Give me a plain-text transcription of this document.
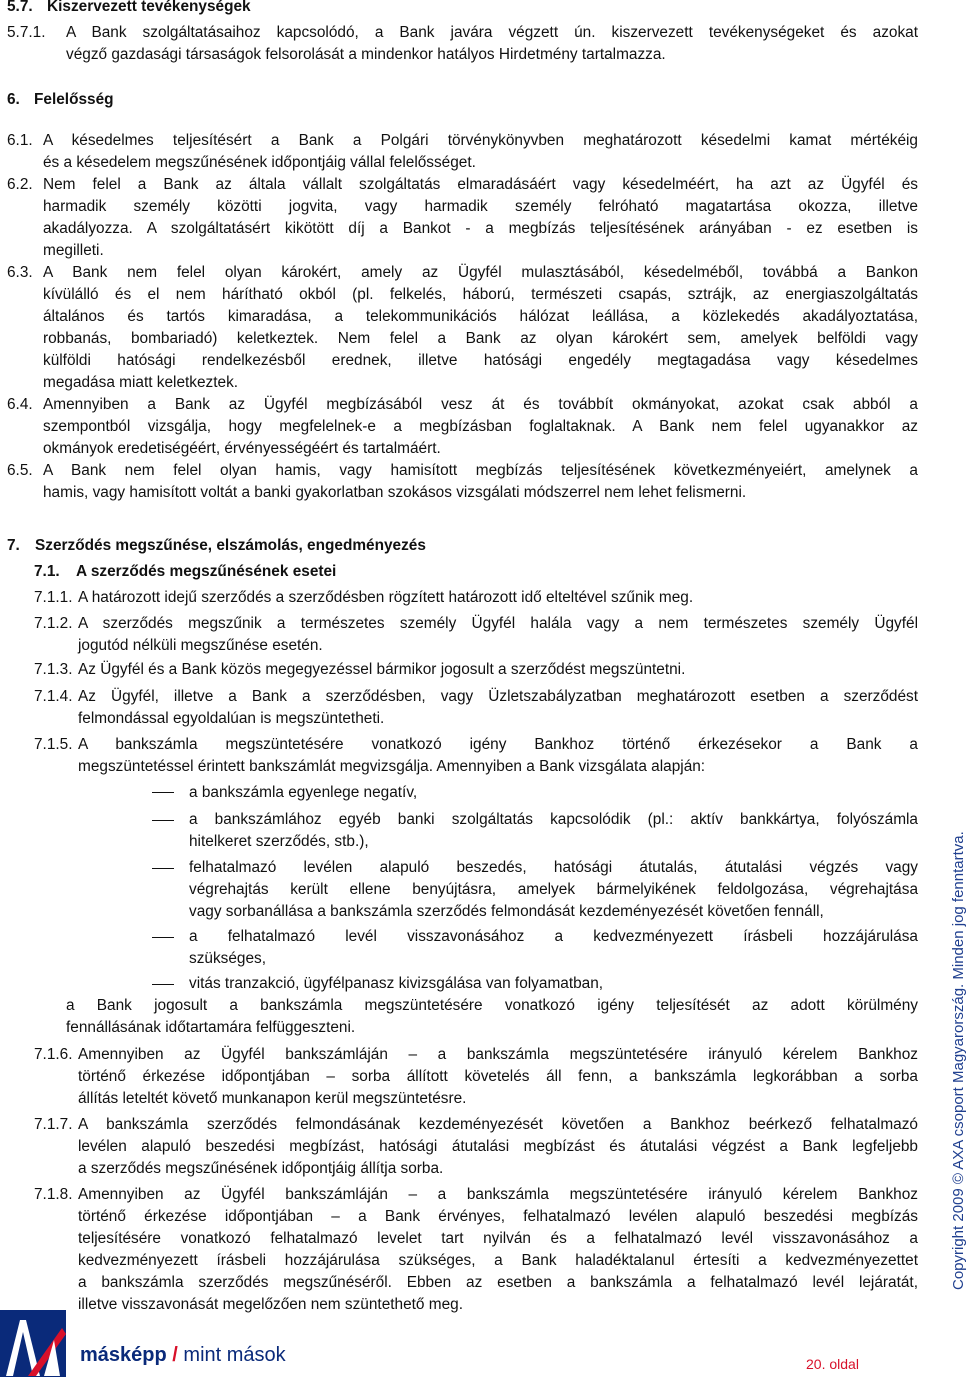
5.7. Kiszervezett tevékenységek
5.7.1. A Bank szolgáltatásaihoz kapcsolódó, a Bank javára végzett ún. kiszervezett tevékenységeket és azokat
végző gazdasági társaságok felsorolását a mindenkor hatályos Hirdetmény tartalmazza.
6. Felelősség
6.1. A késedelmes teljesítésért a Bank a Polgári törvénykönyvben meghatározott késedelmi kamat mértékéig
és a késedelem megszűnésének időpontjáig vállal felelősséget.
6.2. Nem felel a Bank az általa vállalt szolgáltatás elmaradásáért vagy késedelméért, ha azt az Ügyfél és
harmadik személy közötti jogvita, vagy harmadik személy felróható magatartása okozza, illetve
akadályozza. A szolgáltatásért kikötött díj a Bankot - a megbízás teljesítésének arányában - ez esetben is
megilleti.
6.3. A Bank nem felel olyan károkért, amely az Ügyfél mulasztásából, késedelméből, továbbá a Bankon
kívülálló és el nem hárítható okból (pl. felkelés, háború, természeti csapás, sztrájk, az energiaszolgáltatás
általános és tartós kimaradása, a telekommunikációs hálózat leállása, a közlekedés akadályoztatása,
robbanás, bombariadó) keletkeztek. Nem felel a Bank az olyan károkért sem, amelyek belföldi vagy
külföldi hatósági rendelkezésből erednek, illetve hatósági engedély megtagadása vagy késedelmes
megadása miatt keletkeztek.
6.4. Amennyiben a Bank az Ügyfél megbízásából vesz át és továbbít okmányokat, azokat csak abból a
szempontból vizsgálja, hogy megfelelnek-e a megbízásban foglaltaknak. A Bank nem felel ugyanakkor az
okmányok eredetiségéért, érvényességéért és tartalmáért.
6.5. A Bank nem felel olyan hamis, vagy hamisított megbízás teljesítésének következményeiért, amelynek a
hamis, vagy hamisított voltát a banki gyakorlatban szokásos vizsgálati módszerrel nem lehet felismerni.
7. Szerződés megszűnése, elszámolás, engedményezés
7.1. A szerződés megszűnésének esetei
7.1.1. A határozott idejű szerződés a szerződésben rögzített határozott idő elteltével szűnik meg.
7.1.2. A szerződés megszűnik a természetes személy Ügyfél halála vagy a nem természetes személy Ügyfél
jogutód nélküli megszűnése esetén.
7.1.3. Az Ügyfél és a Bank közös megegyezéssel bármikor jogosult a szerződést megszüntetni.
7.1.4. Az Ügyfél, illetve a Bank a szerződésben, vagy Üzletszabályzatban meghatározott esetben a szerződést
felmondással egyoldalúan is megszüntetheti.
7.1.5. A bankszámla megszüntetésére vonatkozó igény Bankhoz történő érkezésekor a Bank a
megszüntetéssel érintett bankszámlát megvizsgálja. Amennyiben a Bank vizsgálata alapján:
a bankszámla egyenlege negatív,
a bankszámlához egyéb banki szolgáltatás kapcsolódik (pl.: aktív bankkártya, folyószámla
hitelkeret szerződés, stb.),
felhatalmazó levélen alapuló beszedés, hatósági átutalás, átutalási végzés vagy
végrehajtás került ellene benyújtásra, amelyek bármelyikének feldolgozása, végrehajtása
vagy sorbanállása a bankszámla szerződés felmondását kezdeményezését követően fennáll,
a felhatalmazó levél visszavonásához a kedvezményezett írásbeli hozzájárulása
szükséges,
vitás tranzakció, ügyfélpanasz kivizsgálása van folyamatban,
a Bank jogosult a bankszámla megszüntetésére vonatkozó igény teljesítését az adott körülmény
fennállásának időtartamára felfüggeszteni.
7.1.6. Amennyiben az Ügyfél bankszámláján – a bankszámla megszüntetésére irányuló kérelem Bankhoz
történő érkezése időpontjában – sorba állított követelés áll fenn, a bankszámla legkorábban a sorba
állítás leteltét követő munkanapon kerül megszüntetésre.
7.1.7. A bankszámla szerződés felmondásának kezdeményezését követően a Bankhoz beérkező felhatalmazó
levélen alapuló beszedési megbízást, hatósági átutalási megbízást és átutalási végzést a Bank legfeljebb
a szerződés megszűnésének időpontjáig állítja sorba.
7.1.8. Amennyiben az Ügyfél bankszámláján – a bankszámla megszüntetésére irányuló kérelem Bankhoz
történő érkezése időpontjában – a Bank érvényes, felhatalmazó levélen alapuló beszedési megbízás
teljesítésére vonatkozó felhatalmazó levelet tart nyilván és a felhatalmazó levél visszavonásához a
kedvezményezett írásbeli hozzájárulása szükséges, a Bank haladéktalanul értesíti a kedvezményezettet
a bankszámla szerződés megszűnéséről. Ebben az esetben a bankszámla a felhatalmazó levél lejáratát,
illetve visszavonását megelőzően nem szüntethető meg.
Copyright 2009 © AXA csoport Magyarország. Minden jog fenntartva.
másképp / mint mások	20. oldal
